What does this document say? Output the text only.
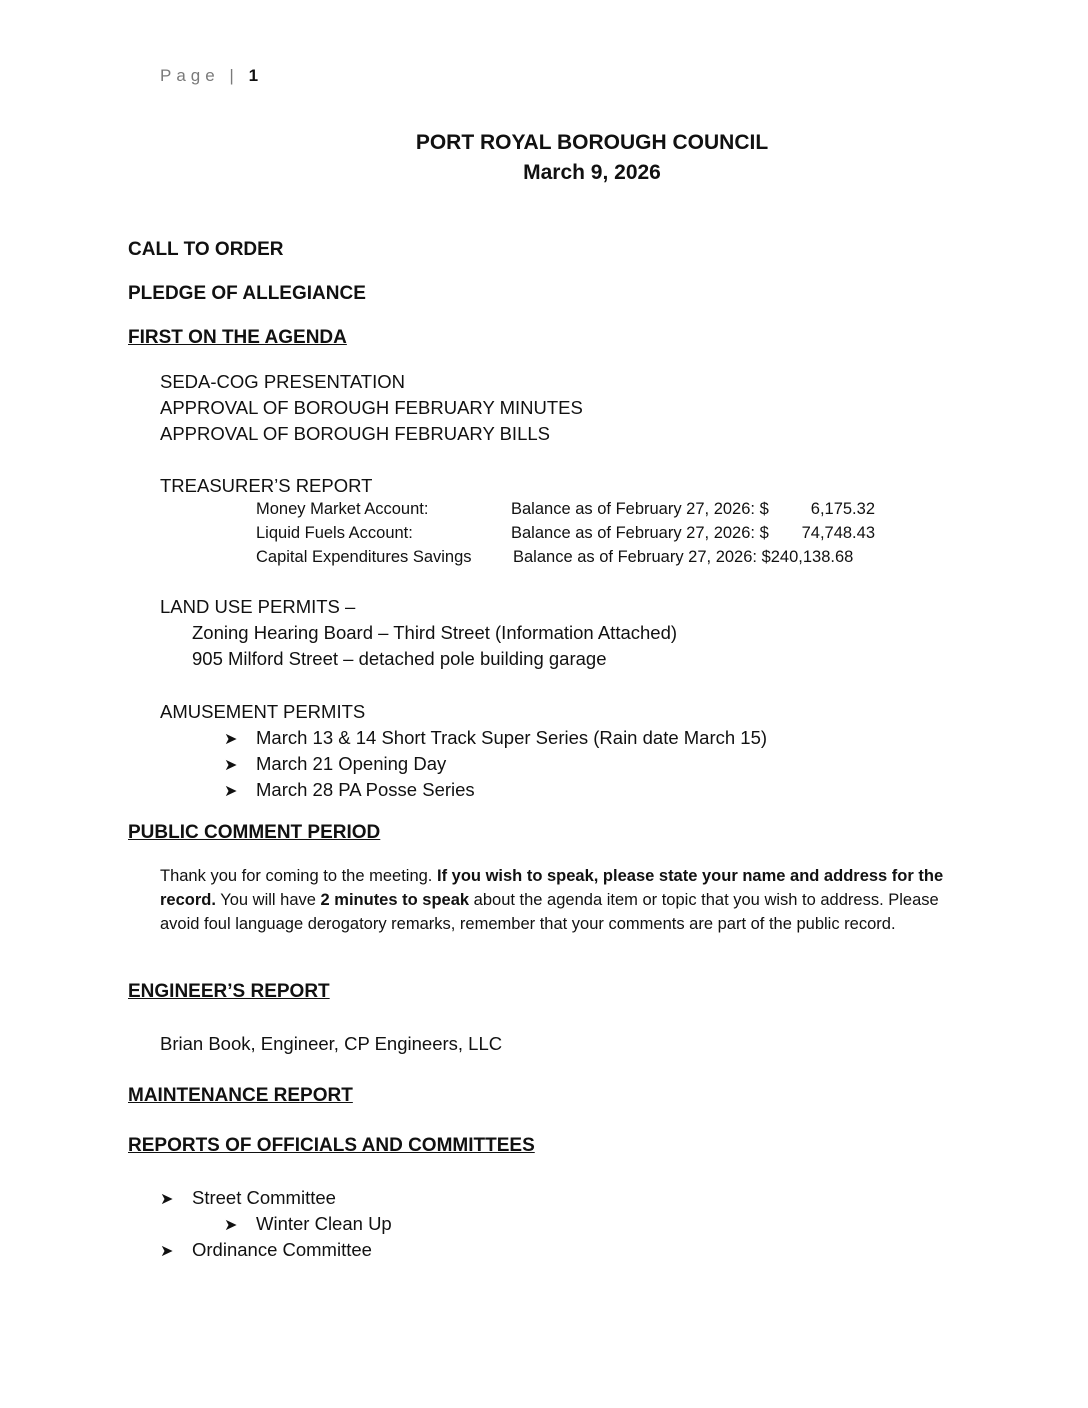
Page | 1
PORT ROYAL BOROUGH COUNCIL
March 9, 2026
CALL TO ORDER
PLEDGE OF ALLEGIANCE
FIRST ON THE AGENDA
SEDA-COG PRESENTATION
APPROVAL OF BOROUGH FEBRUARY MINUTES
APPROVAL OF BOROUGH FEBRUARY BILLS
TREASURER’S REPORT
Money Market Account:	Balance as of February 27, 2026: $	6,175.32
Liquid Fuels Account:	Balance as of February 27, 2026: $	74,748.43
Capital Expenditures Savings	Balance as of February 27, 2026: $240,138.68
LAND USE PERMITS –
Zoning Hearing Board – Third Street (Information Attached)
905 Milford Street – detached pole building garage
AMUSEMENT PERMITS
➤ March 13 & 14 Short Track Super Series (Rain date March 15)
➤ March 21 Opening Day
➤ March 28 PA Posse Series
PUBLIC COMMENT PERIOD
Thank you for coming to the meeting. If you wish to speak, please state your name and address for the record. You will have 2 minutes to speak about the agenda item or topic that you wish to address. Please avoid foul language derogatory remarks, remember that your comments are part of the public record.
ENGINEER’S REPORT
Brian Book, Engineer, CP Engineers, LLC
MAINTENANCE REPORT
REPORTS OF OFFICIALS AND COMMITTEES
➤ Street Committee
➤ Winter Clean Up
➤ Ordinance Committee
